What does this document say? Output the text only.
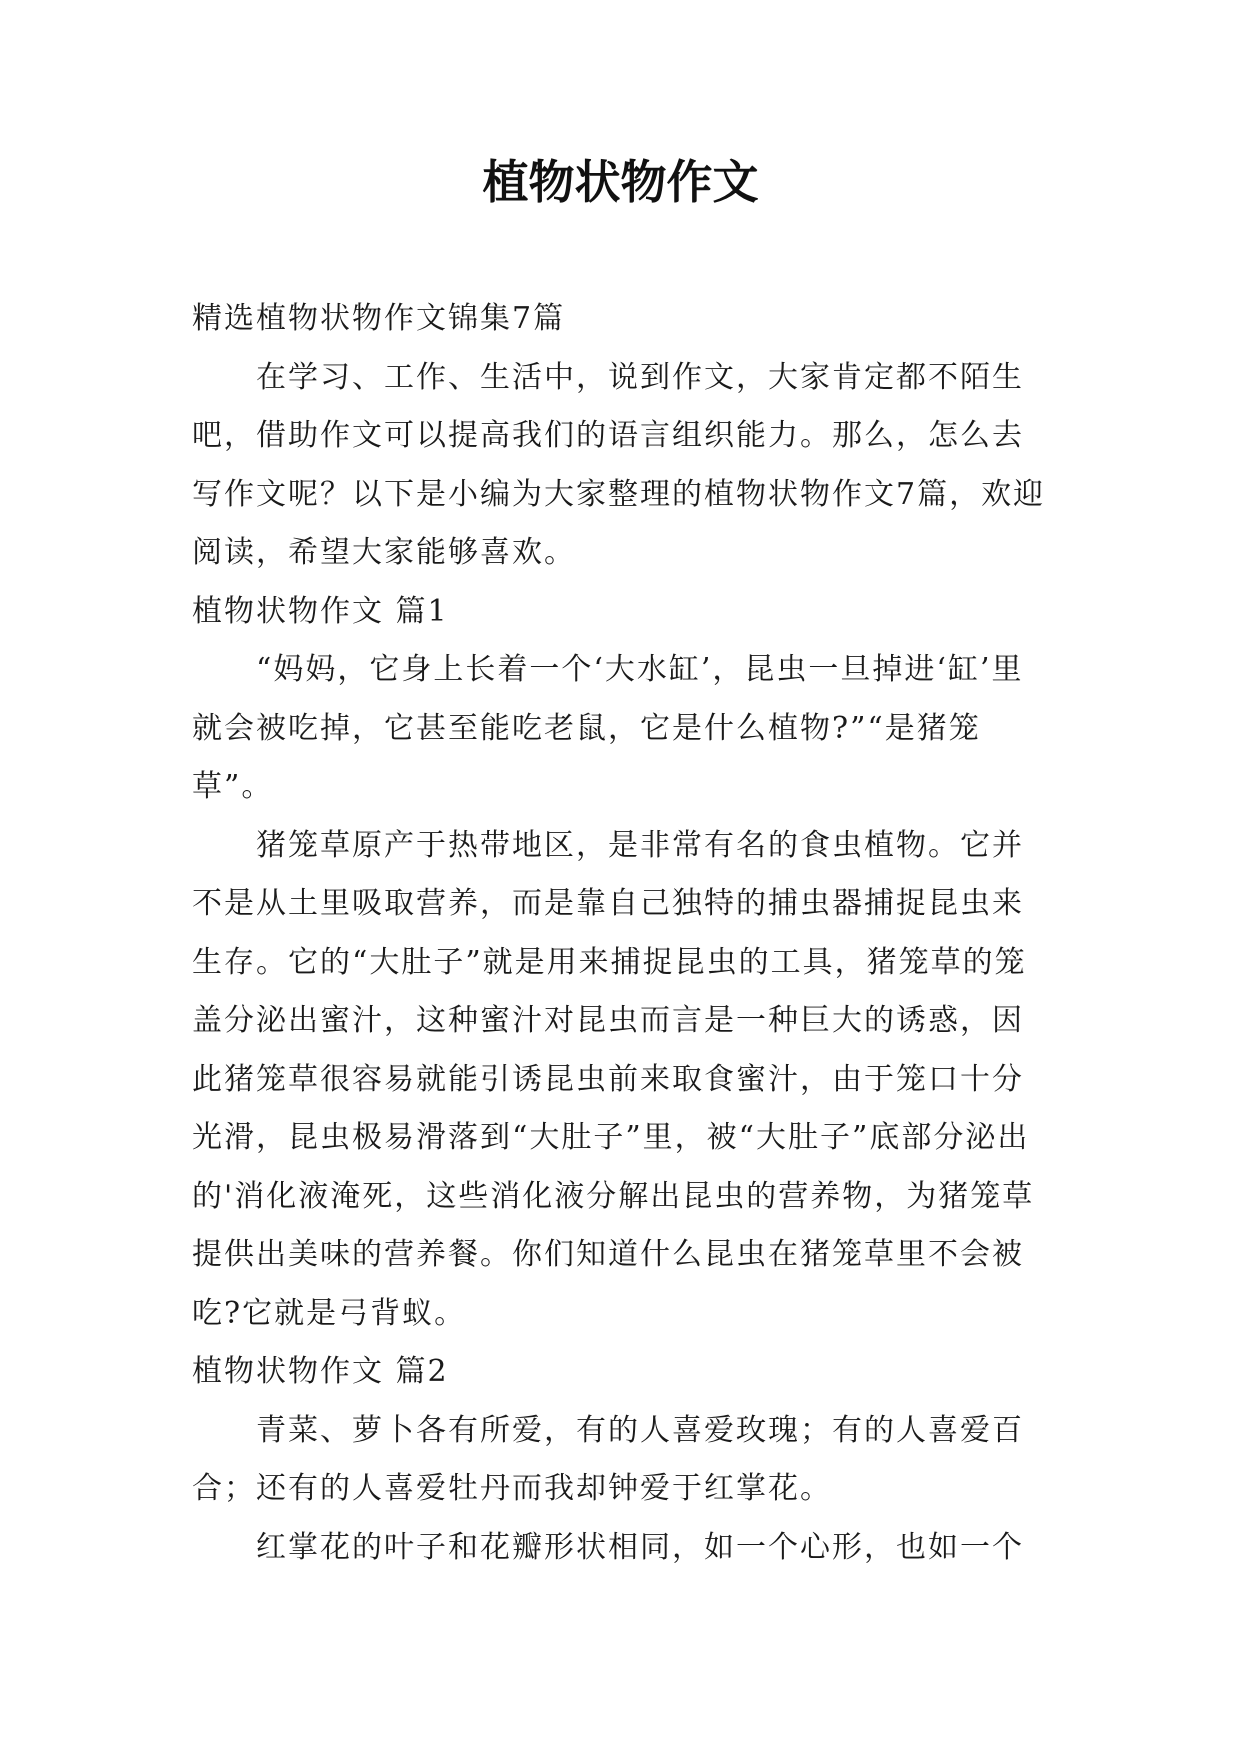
植物状物作文

精选植物状物作文锦集7篇

在学习、工作、生活中，说到作文，大家肯定都不陌生吧，借助作文可以提高我们的语言组织能力。那么，怎么去写作文呢？以下是小编为大家整理的植物状物作文7篇，欢迎阅读，希望大家能够喜欢。

植物状物作文 篇1

“妈妈，它身上长着一个‘大水缸’，昆虫一旦掉进‘缸’里就会被吃掉，它甚至能吃老鼠，它是什么植物?”“是猪笼草”。

猪笼草原产于热带地区，是非常有名的食虫植物。它并不是从土里吸取营养，而是靠自己独特的捕虫器捕捉昆虫来生存。它的“大肚子”就是用来捕捉昆虫的工具，猪笼草的笼盖分泌出蜜汁，这种蜜汁对昆虫而言是一种巨大的诱惑，因此猪笼草很容易就能引诱昆虫前来取食蜜汁，由于笼口十分光滑，昆虫极易滑落到“大肚子”里，被“大肚子”底部分泌出的'消化液淹死，这些消化液分解出昆虫的营养物，为猪笼草提供出美味的营养餐。你们知道什么昆虫在猪笼草里不会被吃?它就是弓背蚁。

植物状物作文 篇2

青菜、萝卜各有所爱，有的人喜爱玫瑰；有的人喜爱百合；还有的人喜爱牡丹而我却钟爱于红掌花。

红掌花的叶子和花瓣形状相同，如一个心形，也如一个
